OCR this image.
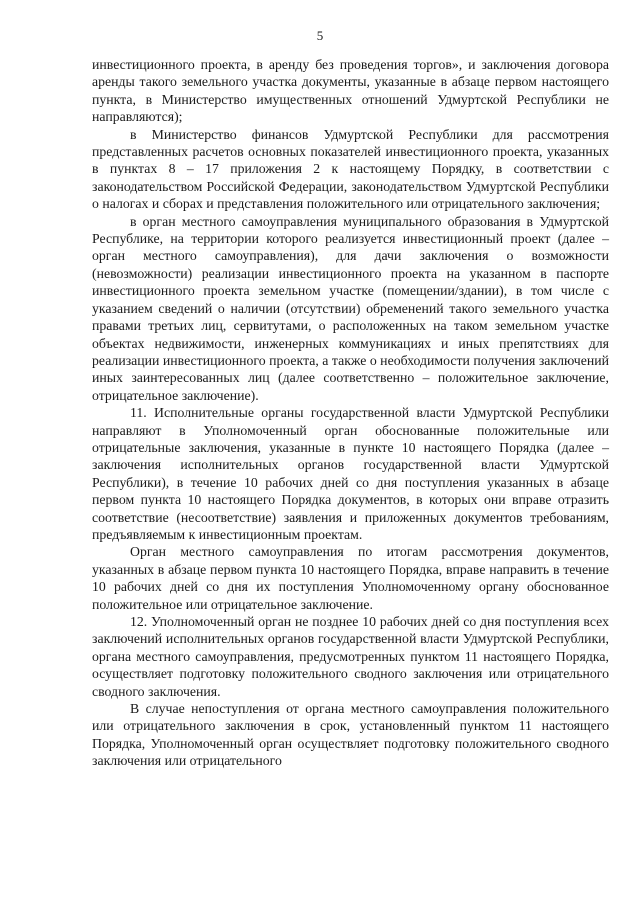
5

инвестиционного проекта, в аренду без проведения торгов», и заключения договора аренды такого земельного участка документы, указанные в абзаце первом настоящего пункта, в Министерство имущественных отношений Удмуртской Республики не направляются);

в Министерство финансов Удмуртской Республики для рассмотрения представленных расчетов основных показателей инвестиционного проекта, указанных в пунктах 8 – 17 приложения 2 к настоящему Порядку, в соответствии с законодательством Российской Федерации, законодательством Удмуртской Республики о налогах и сборах и представления положительного или отрицательного заключения;

в орган местного самоуправления муниципального образования в Удмуртской Республике, на территории которого реализуется инвестиционный проект (далее – орган местного самоуправления), для дачи заключения о возможности (невозможности) реализации инвестиционного проекта на указанном в паспорте инвестиционного проекта земельном участке (помещении/здании), в том числе с указанием сведений о наличии (отсутствии) обременений такого земельного участка правами третьих лиц, сервитутами, о расположенных на таком земельном участке объектах недвижимости, инженерных коммуникациях и иных препятствиях для реализации инвестиционного проекта, а также о необходимости получения заключений иных заинтересованных лиц (далее соответственно – положительное заключение, отрицательное заключение).

11. Исполнительные органы государственной власти Удмуртской Республики направляют в Уполномоченный орган обоснованные положительные или отрицательные заключения, указанные в пункте 10 настоящего Порядка (далее – заключения исполнительных органов государственной власти Удмуртской Республики), в течение 10 рабочих дней со дня поступления указанных в абзаце первом пункта 10 настоящего Порядка документов, в которых они вправе отразить соответствие (несоответствие) заявления и приложенных документов требованиям, предъявляемым к инвестиционным проектам.

Орган местного самоуправления по итогам рассмотрения документов, указанных в абзаце первом пункта 10 настоящего Порядка, вправе направить в течение 10 рабочих дней со дня их поступления Уполномоченному органу обоснованное положительное или отрицательное заключение.

12. Уполномоченный орган не позднее 10 рабочих дней со дня поступления всех заключений исполнительных органов государственной власти Удмуртской Республики, органа местного самоуправления, предусмотренных пунктом 11 настоящего Порядка, осуществляет подготовку положительного сводного заключения или отрицательного сводного заключения.

В случае непоступления от органа местного самоуправления положительного или отрицательного заключения в срок, установленный пунктом 11 настоящего Порядка, Уполномоченный орган осуществляет подготовку положительного сводного заключения или отрицательного
